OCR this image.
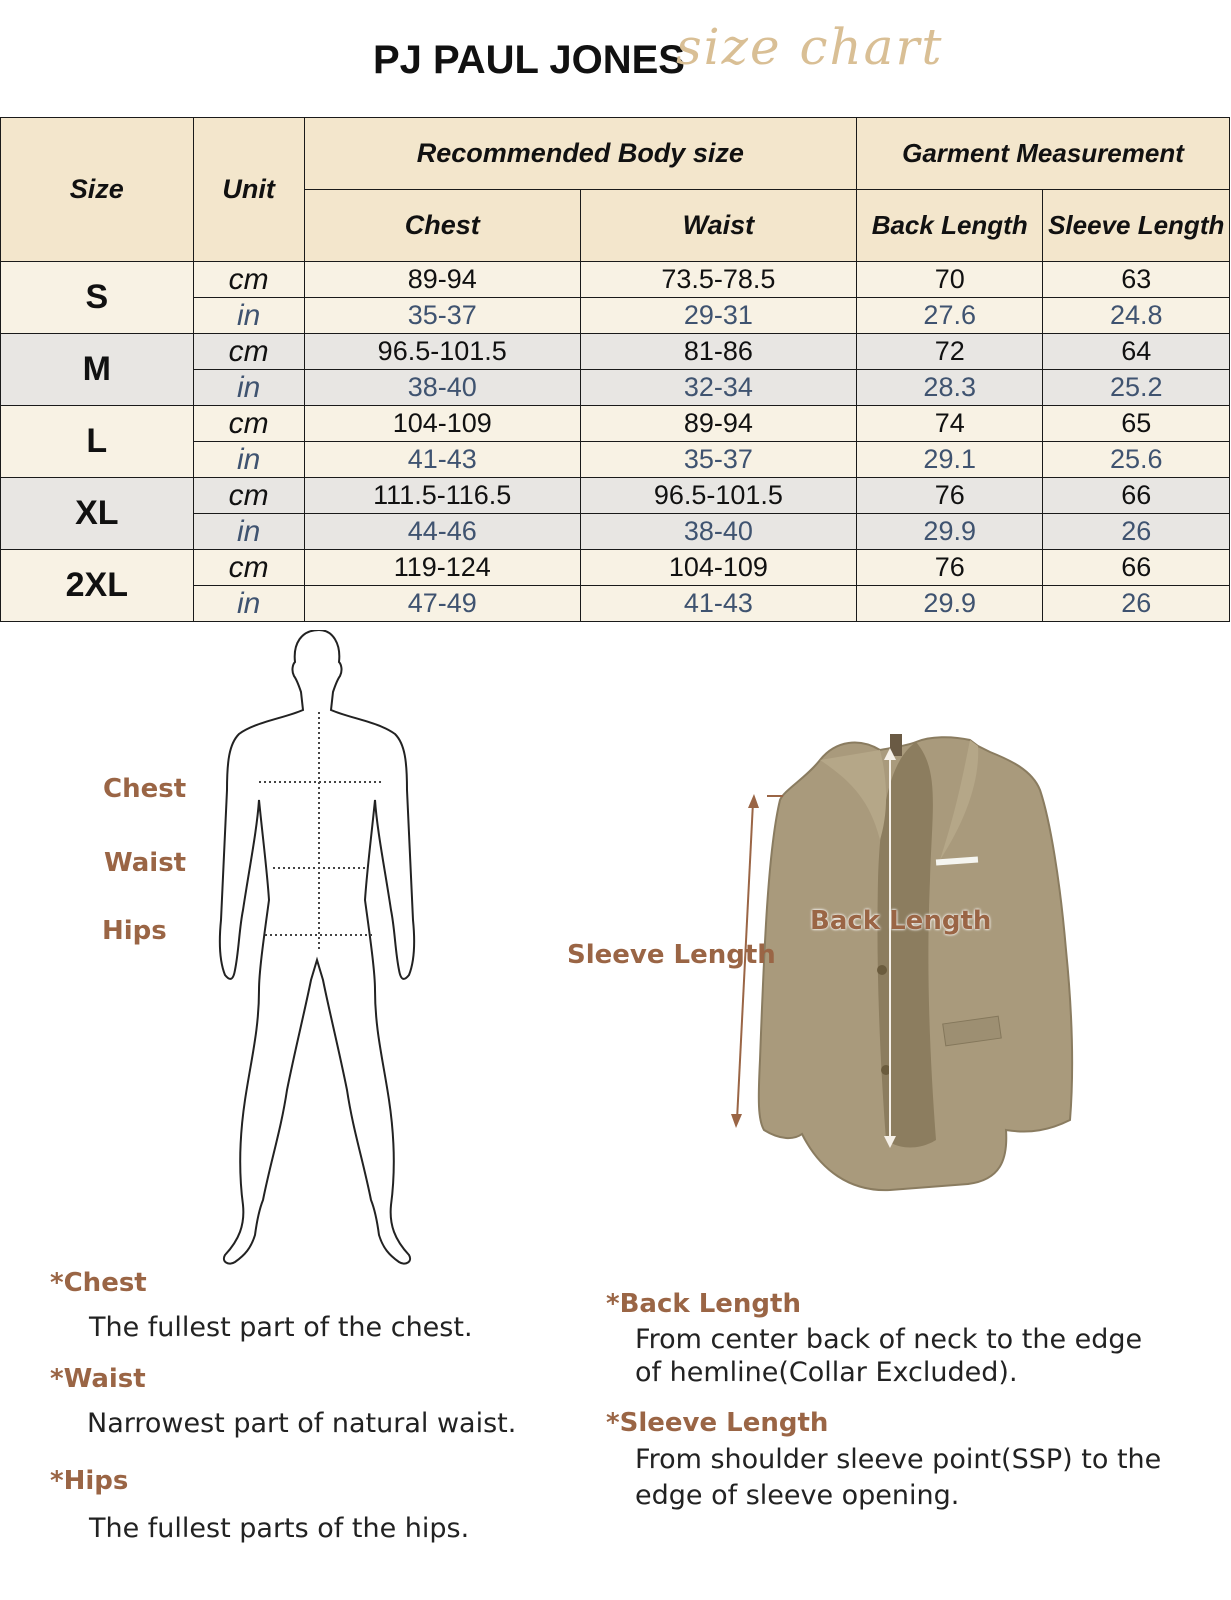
PJ PAUL JONES
size chart
Size	Unit	Recommended Body size		Garment Measurement	
		Chest	Waist	Back Length	Sleeve Length
S	cm	89-94	73.5-78.5	70	63
	in	35-37	29-31	27.6	24.8
M	cm	96.5-101.5	81-86	72	64
	in	38-40	32-34	28.3	25.2
L	cm	104-109	89-94	74	65
	in	41-43	35-37	29.1	25.6
XL	cm	111.5-116.5	96.5-101.5	76	66
	in	44-46	38-40	29.9	26
2XL	cm	119-124	104-109	76	66
	in	47-49	41-43	29.9	26
Chest
Waist
Hips	Back Length
Sleeve Length
*Chest
The fullest part of the chest.
*Waist
Narrowest part of natural waist.
*Hips
The fullest parts of the hips.
*Back Length
From center back of neck to the edge
of hemline(Collar Excluded).
*Sleeve Length
From shoulder sleeve point(SSP) to the
edge of sleeve opening.
